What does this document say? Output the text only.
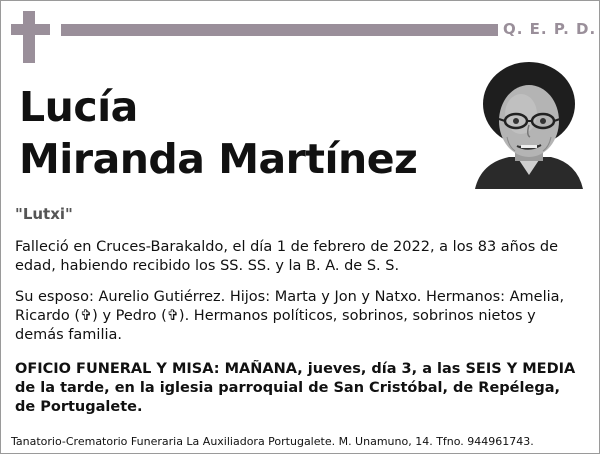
Q. E. P. D.
Lucía
Miranda Martínez
"Lutxi"
Falleció en Cruces-Barakaldo, el día 1 de febrero de 2022, a los 83 años de edad, habiendo recibido los SS. SS. y la B. A. de S. S.
Su esposo: Aurelio Gutiérrez. Hijos: Marta y Jon y Natxo. Hermanos: Amelia, Ricardo (✞) y Pedro (✞). Hermanos políticos, sobrinos, sobrinos nietos y demás familia.
OFICIO FUNERAL Y MISA: MAÑANA, jueves, día 3, a las SEIS Y MEDIA de la tarde, en la iglesia parroquial de San Cristóbal, de Repélega, de Portugalete.
Tanatorio-Crematorio Funeraria La Auxiliadora Portugalete. M. Unamuno, 14. Tfno. 944961743.
